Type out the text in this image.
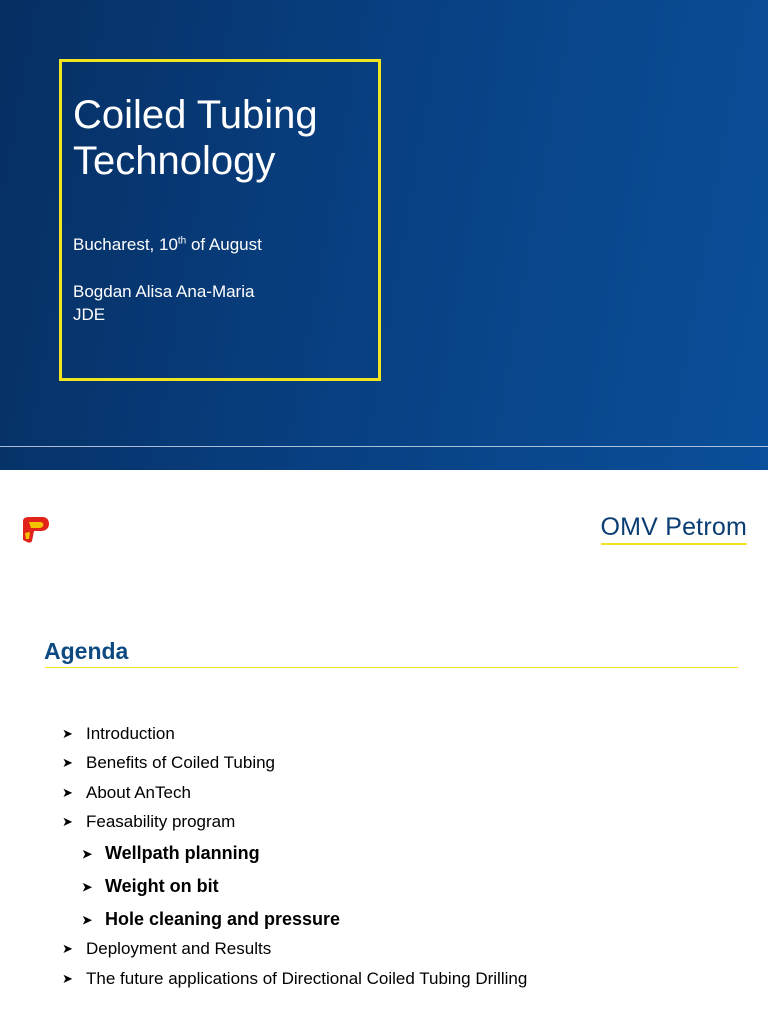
Coiled Tubing
Technology

Bucharest, 10th of August

Bogdan Alisa Ana-Maria

JDE

OMV Petrom
Agenda
➤ Introduction
➤ Benefits of Coiled Tubing
➤ About AnTech
➤ Feasability program
➤ Wellpath planning
➤ Weight on bit
➤ Hole cleaning and pressure
➤ Deployment and Results
➤ The future applications of Directional Coiled Tubing Drilling
